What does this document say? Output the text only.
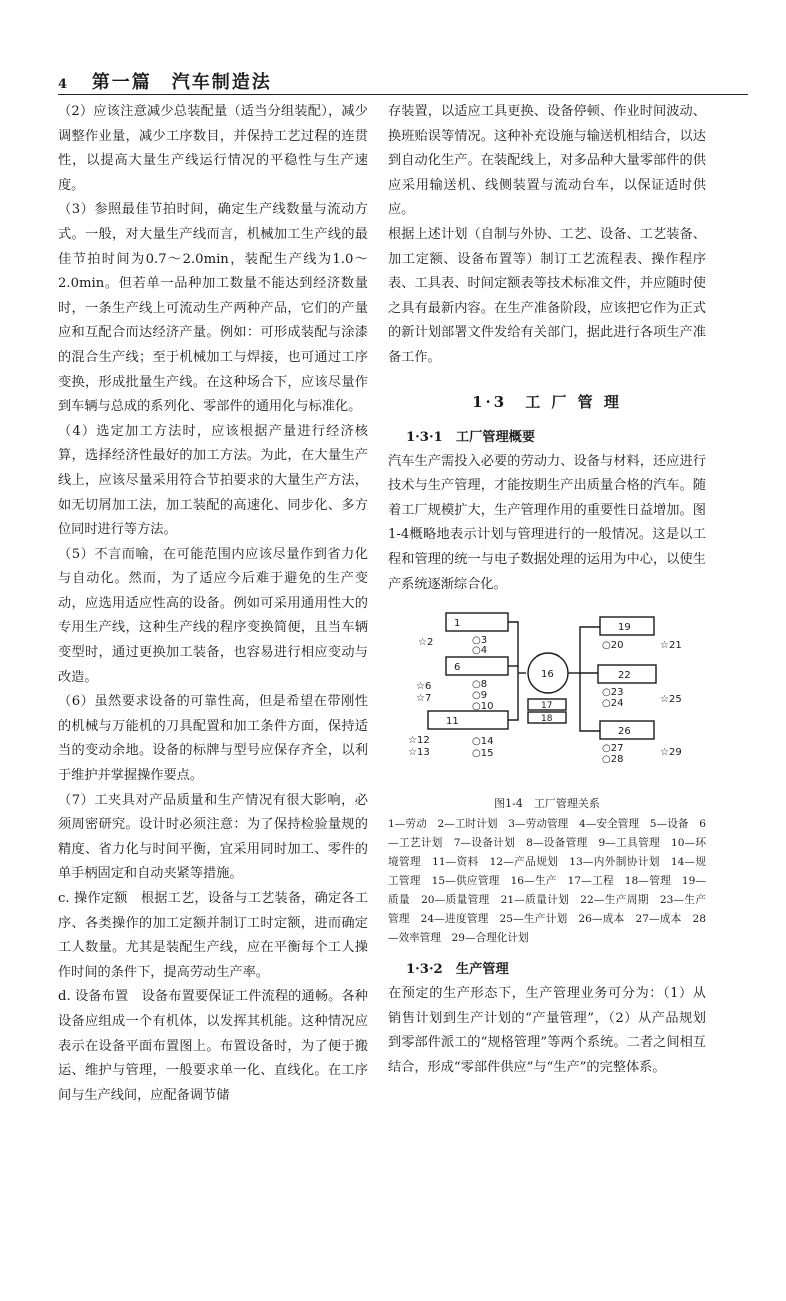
4 第一篇　汽车制造法

（2）应该注意减少总装配量（适当分组装配），减少调整作业量，减少工序数目，并保持工艺过程的连贯性，以提高大量生产线运行情况的平稳性与生产速度。

（3）参照最佳节拍时间，确定生产线数量与流动方式。一般，对大量生产线而言，机械加工生产线的最佳节拍时间为0.7～2.0min，装配生产线为1.0～2.0min。但若单一品种加工数量不能达到经济数量时，一条生产线上可流动生产两种产品，它们的产量应和互配合而达经济产量。例如：可形成装配与涂漆的混合生产线；至于机械加工与焊接，也可通过工序变换，形成批量生产线。在这种场合下，应该尽量作到车辆与总成的系列化、零部件的通用化与标准化。

（4）选定加工方法时，应该根据产量进行经济核算，选择经济性最好的加工方法。为此，在大量生产线上，应该尽量采用符合节拍要求的大量生产方法，如无切屑加工法，加工装配的高速化、同步化、多方位同时进行等方法。

（5）不言而喻，在可能范围内应该尽量作到省力化与自动化。然而，为了适应今后难于避免的生产变动，应选用适应性高的设备。例如可采用通用性大的专用生产线，这种生产线的程序变换简便，且当车辆变型时，通过更换加工装备，也容易进行相应变动与改造。

（6）虽然要求设备的可靠性高，但是希望在带刚性的机械与万能机的刀具配置和加工条件方面，保持适当的变动余地。设备的标牌与型号应保存齐全，以利于维护并掌握操作要点。

（7）工夹具对产品质量和生产情况有很大影响，必须周密研究。设计时必须注意：为了保持检验量规的精度、省力化与时间平衡，宜采用同时加工、零件的单手柄固定和自动夹紧等措施。

c. 操作定额　根据工艺，设备与工艺装备，确定各工序、各类操作的加工定额并制订工时定额，进而确定工人数量。尤其是装配生产线，应在平衡每个工人操作时间的条件下，提高劳动生产率。

d. 设备布置　设备布置要保证工件流程的通畅。各种设备应组成一个有机体，以发挥其机能。这种情况应表示在设备平面布置图上。布置设备时，为了便于搬运、维护与管理，一般要求单一化、直线化。在工序间与生产线间，应配备调节储

存装置，以适应工具更换、设备停顿、作业时间波动、换班贻误等情况。这种补充设施与输送机相结合，以达到自动化生产。在装配线上，对多品种大量零部件的供应采用输送机、线侧装置与流动台车，以保证适时供应。

根据上述计划（自制与外协、工艺、设备、工艺装备、加工定额、设备布置等）制订工艺流程表、操作程序表、工具表、时间定额表等技术标准文件，并应随时使之具有最新内容。在生产准备阶段，应该把它作为正式的新计划部署文件发给有关部门，据此进行各项生产准备工作。

1·3　工 厂 管 理
1·3·1　工厂管理概要

汽车生产需投入必要的劳动力、设备与材料，还应进行技术与生产管理，才能按期生产出质量合格的汽车。随着工厂规模扩大，生产管理作用的重要性日益增加。图1-4概略地表示计划与管理进行的一般情况。这是以工程和管理的统一与电子数据处理的运用为中心，以使生产系统逐渐综合化。

1
6
11
16
17
18
19
22
26
☆2
☆6
☆7
☆12
☆13
○3
○4
○8
○9
○10
○14
○15
○20	☆21
○23
○24	☆25
○27
○28
☆29
图1-4　工厂管理关系

1—劳动　2—工时计划　3—劳动管理　4—安全管理　5—设备　6—工艺计划　7—设备计划　8—设备管理　9—工具管理　10—环境管理　11—资料　12—产品规划　13—内外制协计划　14—规工管理　15—供应管理　16—生产　17—工程　18—管理　19—质量　20—质量管理　21—质量计划　22—生产周期　23—生产管理　24—进度管理　25—生产计划　26—成本　27—成本　28—效率管理　29—合理化计划

1·3·2　生产管理

在预定的生产形态下，生产管理业务可分为：（1）从销售计划到生产计划的“产量管理”，（2）从产品规划到零部件派工的“规格管理”等两个系统。二者之间相互结合，形成“零部件供应”与“生产”的完整体系。
